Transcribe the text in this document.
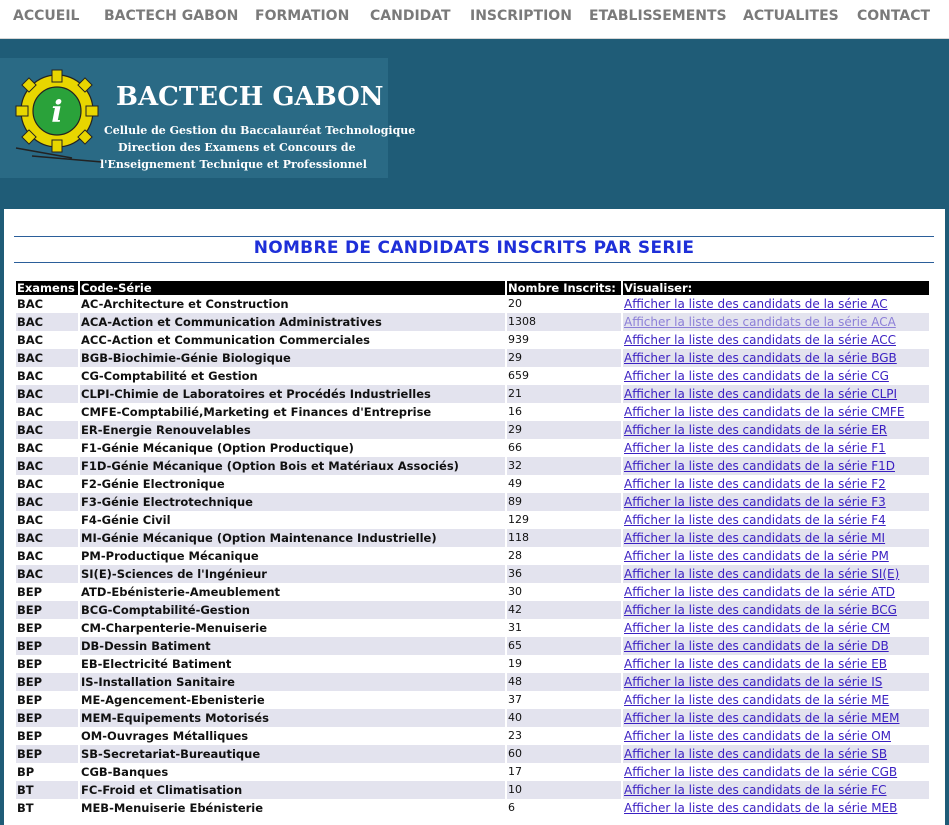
ACCUEIL BACTECH GABON FORMATION CANDIDAT INSCRIPTION ETABLISSEMENTS ACTUALITES CONTACT
i BACTECH GABON
Cellule de Gestion du Baccalauréat Technologique
Direction des Examens et Concours de
l'Enseignement Technique et Professionnel
NOMBRE DE CANDIDATS INSCRITS PAR SERIE
Examens	Code-Série	Nombre Inscrits:	Visualiser:
BAC	AC-Architecture et Construction	20	Afficher la liste des candidats de la série AC
BAC	ACA-Action et Communication Administratives	1308	Afficher la liste des candidats de la série ACA
BAC	ACC-Action et Communication Commerciales	939	Afficher la liste des candidats de la série ACC
BAC	BGB-Biochimie-Génie Biologique	29	Afficher la liste des candidats de la série BGB
BAC	CG-Comptabilité et Gestion	659	Afficher la liste des candidats de la série CG
BAC	CLPI-Chimie de Laboratoires et Procédés Industrielles	21	Afficher la liste des candidats de la série CLPI
BAC	CMFE-Comptabilié,Marketing et Finances d'Entreprise	16	Afficher la liste des candidats de la série CMFE
BAC	ER-Energie Renouvelables	29	Afficher la liste des candidats de la série ER
BAC	F1-Génie Mécanique (Option Productique)	66	Afficher la liste des candidats de la série F1
BAC	F1D-Génie Mécanique (Option Bois et Matériaux Associés)	32	Afficher la liste des candidats de la série F1D
BAC	F2-Génie Electronique	49	Afficher la liste des candidats de la série F2
BAC	F3-Génie Electrotechnique	89	Afficher la liste des candidats de la série F3
BAC	F4-Génie Civil	129	Afficher la liste des candidats de la série F4
BAC	MI-Génie Mécanique (Option Maintenance Industrielle)	118	Afficher la liste des candidats de la série MI
BAC	PM-Productique Mécanique	28	Afficher la liste des candidats de la série PM
BAC	SI(E)-Sciences de l'Ingénieur	36	Afficher la liste des candidats de la série SI(E)
BEP	ATD-Ebénisterie-Ameublement	30	Afficher la liste des candidats de la série ATD
BEP	BCG-Comptabilité-Gestion	42	Afficher la liste des candidats de la série BCG
BEP	CM-Charpenterie-Menuiserie	31	Afficher la liste des candidats de la série CM
BEP	DB-Dessin Batiment	65	Afficher la liste des candidats de la série DB
BEP	EB-Electricité Batiment	19	Afficher la liste des candidats de la série EB
BEP	IS-Installation Sanitaire	48	Afficher la liste des candidats de la série IS
BEP	ME-Agencement-Ebenisterie	37	Afficher la liste des candidats de la série ME
BEP	MEM-Equipements Motorisés	40	Afficher la liste des candidats de la série MEM
BEP	OM-Ouvrages Métalliques	23	Afficher la liste des candidats de la série OM
BEP	SB-Secretariat-Bureautique	60	Afficher la liste des candidats de la série SB
BP	CGB-Banques	17	Afficher la liste des candidats de la série CGB
BT	FC-Froid et Climatisation	10	Afficher la liste des candidats de la série FC
BT	MEB-Menuiserie Ebénisterie	6	Afficher la liste des candidats de la série MEB
